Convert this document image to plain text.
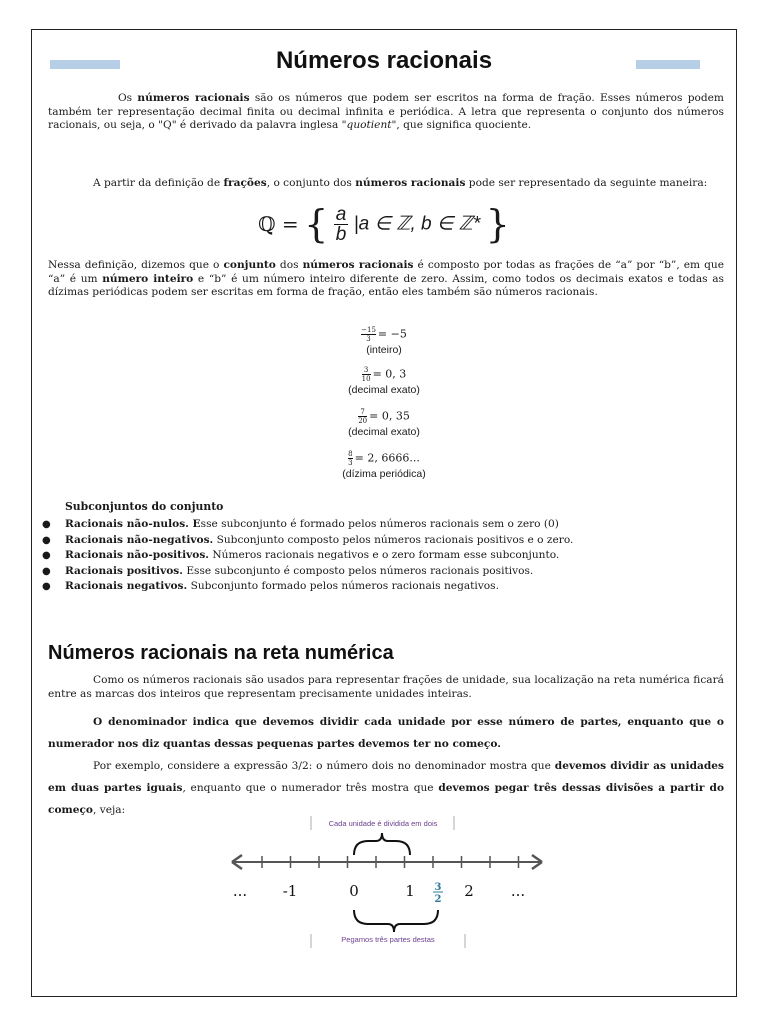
Números racionais

Os números racionais são os números que podem ser escritos na forma de fração. Esses números podem também ter representação decimal finita ou decimal infinita e periódica. A letra que representa o conjunto dos números racionais, ou seja, o "Q" é derivado da palavra inglesa "quotient", que significa quociente.

A partir da definição de frações, o conjunto dos números racionais pode ser representado da seguinte maneira:

ℚ = { $\frac{a}{b} |a$ ∈ ℤ, b ∈ ℤ* }

Nessa definição, dizemos que o conjunto dos números racionais é composto por todas as frações de “a” por “b”, em que “a” é um número inteiro e “b” é um número inteiro diferente de zero. Assim, como todos os decimais exatos e todas as dízimas periódicas podem ser escritas em forma de fração, então eles também são números racionais.

$\frac{-15}{3} = -5$
(inteiro)
$\frac{3}{10} = 0$, 3
(decimal exato)
$\frac{7}{20} = 0$, 35
(decimal exato)
$\frac{8}{3} = 2$, 6666...
(dízima periódica)
Subconjuntos do conjunto
● Racionais não-nulos. Esse subconjunto é formado pelos números racionais sem o zero (0)
● Racionais não-negativos. Subconjunto composto pelos números racionais positivos e o zero.
● Racionais não-positivos. Números racionais negativos e o zero formam esse subconjunto.
● Racionais positivos. Esse subconjunto é composto pelos números racionais positivos.
● Racionais negativos. Subconjunto formado pelos números racionais negativos.
Números racionais na reta numérica

Como os números racionais são usados para representar frações de unidade, sua localização na reta numérica ficará entre as marcas dos inteiros que representam precisamente unidades inteiras.

O denominador indica que devemos dividir cada unidade por esse número de partes, enquanto que o numerador nos diz quantas dessas pequenas partes devemos ter no começo.

Por exemplo, considere a expressão 3/2: o número dois no denominador mostra que devemos dividir as unidades em duas partes iguais, enquanto que o numerador três mostra que devemos pegar três dessas divisões a partir do começo, veja:

Cada unidade é dividida em dois
... -1	0	1	2 ...
3
2
Pegamos três partes destas
